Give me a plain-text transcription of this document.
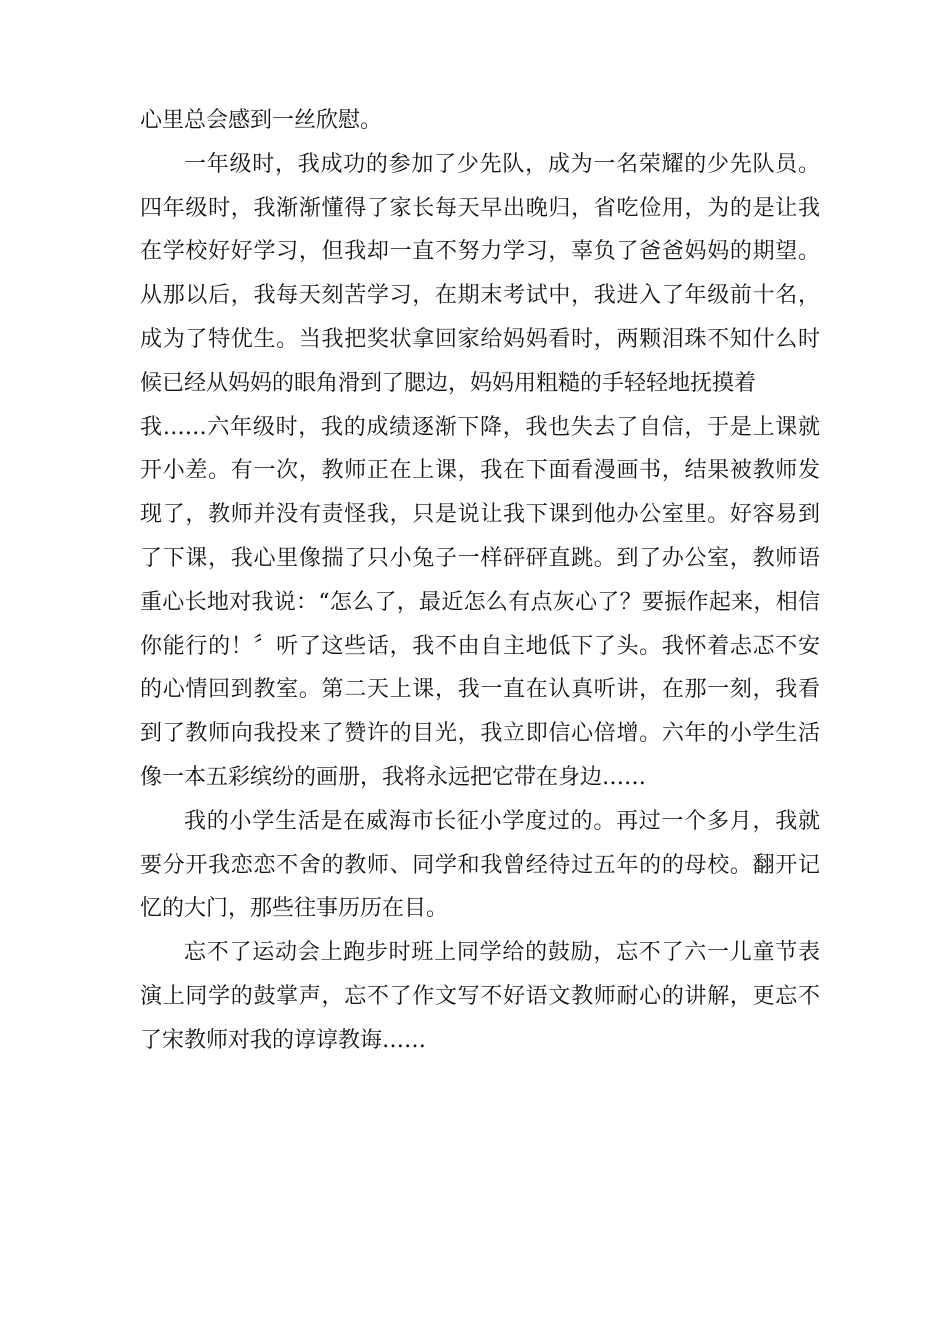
心里总会感到一丝欣慰。
一年级时，我成功的参加了少先队，成为一名荣耀的少先队员。
四年级时，我渐渐懂得了家长每天早出晚归，省吃俭用，为的是让我
在学校好好学习，但我却一直不努力学习，辜负了爸爸妈妈的期望。
从那以后，我每天刻苦学习，在期末考试中，我进入了年级前十名，
成为了特优生。当我把奖状拿回家给妈妈看时，两颗泪珠不知什么时
候已经从妈妈的眼角滑到了腮边，妈妈用粗糙的手轻轻地抚摸着
我……六年级时，我的成绩逐渐下降，我也失去了自信，于是上课就
开小差。有一次，教师正在上课，我在下面看漫画书，结果被教师发
现了，教师并没有责怪我，只是说让我下课到他办公室里。好容易到
了下课，我心里像揣了只小兔子一样砰砰直跳。到了办公室，教师语
重心长地对我说：“怎么了，最近怎么有点灰心了？要振作起来，相信
你能行的！〞听了这些话，我不由自主地低下了头。我怀着忐忑不安
的心情回到教室。第二天上课，我一直在认真听讲，在那一刻，我看
到了教师向我投来了赞许的目光，我立即信心倍增。六年的小学生活
像一本五彩缤纷的画册，我将永远把它带在身边……
我的小学生活是在威海市长征小学度过的。再过一个多月，我就
要分开我恋恋不舍的教师、同学和我曾经待过五年的的母校。翻开记
忆的大门，那些往事历历在目。
忘不了运动会上跑步时班上同学给的鼓励，忘不了六一儿童节表
演上同学的鼓掌声，忘不了作文写不好语文教师耐心的讲解，更忘不
了宋教师对我的谆谆教诲……
